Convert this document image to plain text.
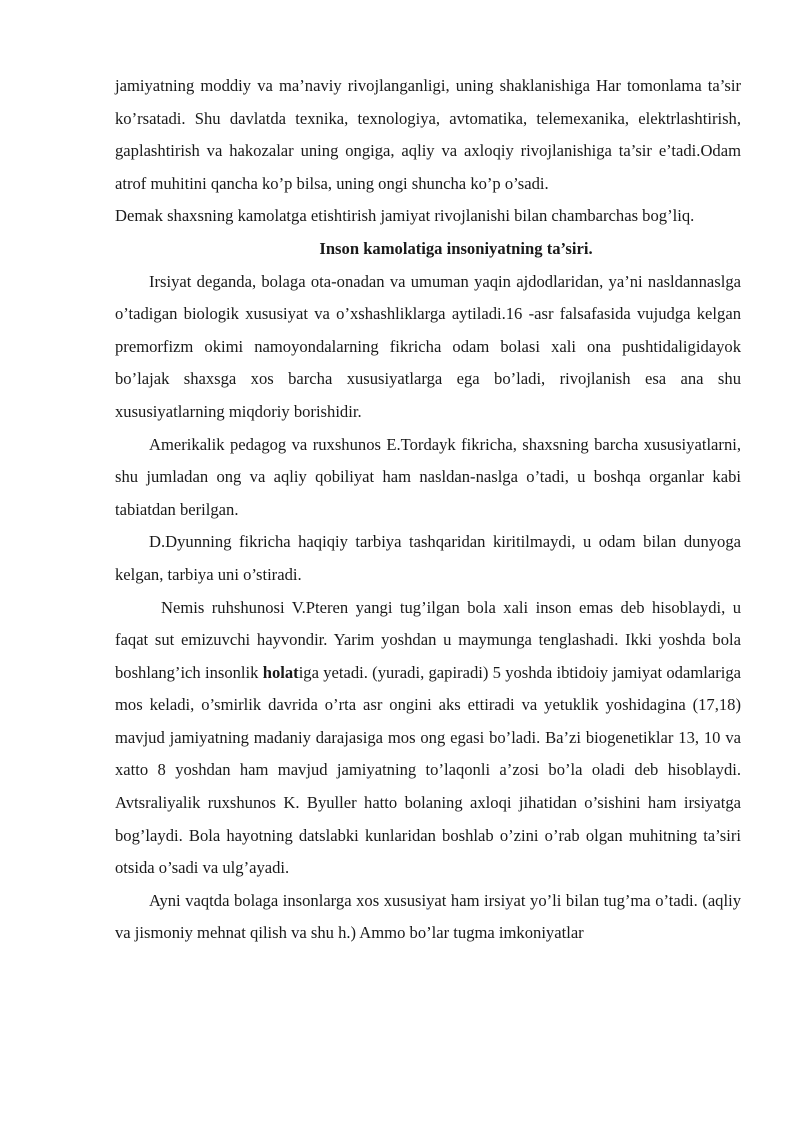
jamiyatning moddiy va ma’naviy rivojlanganligi, uning shaklanishiga Har tomonlama ta’sir ko’rsatadi. Shu davlatda texnika, texnologiya, avtomatika, telemexanika, elektrlashtirish, gaplashtirish va hakozalar uning ongiga, aqliy va axloqiy rivojlanishiga ta’sir e’tadi.Odam atrof muhitini qancha ko’p bilsa, uning ongi shuncha ko’p o’sadi.

Demak shaxsning kamolatga etishtirish jamiyat rivojlanishi bilan chambarchas bog’liq.

Inson kamolatiga insoniyatning ta’siri.

Irsiyat deganda, bolaga ota-onadan va umuman yaqin ajdodlaridan, ya’ni nasldannaslga o’tadigan biologik xususiyat va o’xshashliklarga aytiladi.16 -asr falsafasida vujudga kelgan premorfizm okimi namoyondalarning fikricha odam bolasi xali ona pushtidaligidayok bo’lajak shaxsga xos barcha xususiyatlarga ega bo’ladi, rivojlanish esa ana shu xususiyatlarning miqdoriy borishidir.

Amerikalik pedagog va ruxshunos E.Tordayk fikricha, shaxsning barcha xususiyatlarni, shu jumladan ong va aqliy qobiliyat ham nasldan-naslga o’tadi, u boshqa organlar kabi tabiatdan berilgan.

D.Dyunning fikricha haqiqiy tarbiya tashqaridan kiritilmaydi, u odam bilan dunyoga kelgan, tarbiya uni o’stiradi.

Nemis ruhshunosi V.Pteren yangi tug’ilgan bola xali inson emas deb hisoblaydi, u faqat sut emizuvchi hayvondir. Yarim yoshdan u maymunga tenglashadi. Ikki yoshda bola boshlang’ich insonlik holatiga yetadi. (yuradi, gapiradi) 5 yoshda ibtidoiy jamiyat odamlariga mos keladi, o’smirlik davrida o’rta asr ongini aks ettiradi va yetuklik yoshidagina (17,18) mavjud jamiyatning madaniy darajasiga mos ong egasi bo’ladi. Ba’zi biogenetiklar 13, 10 va xatto 8 yoshdan ham mavjud jamiyatning to’laqonli a’zosi bo’la oladi deb hisoblaydi. Avtsraliyalik ruxshunos K. Byuller hatto bolaning axloqi jihatidan o’sishini ham irsiyatga bog’laydi. Bola hayotning datslabki kunlaridan boshlab o’zini o’rab olgan muhitning ta’siri otsida o’sadi va ulg’ayadi.

Ayni vaqtda bolaga insonlarga xos xususiyat ham irsiyat yo’li bilan tug’ma o’tadi. (aqliy va jismoniy mehnat qilish va shu h.) Ammo bo’lar tugma imkoniyatlar
